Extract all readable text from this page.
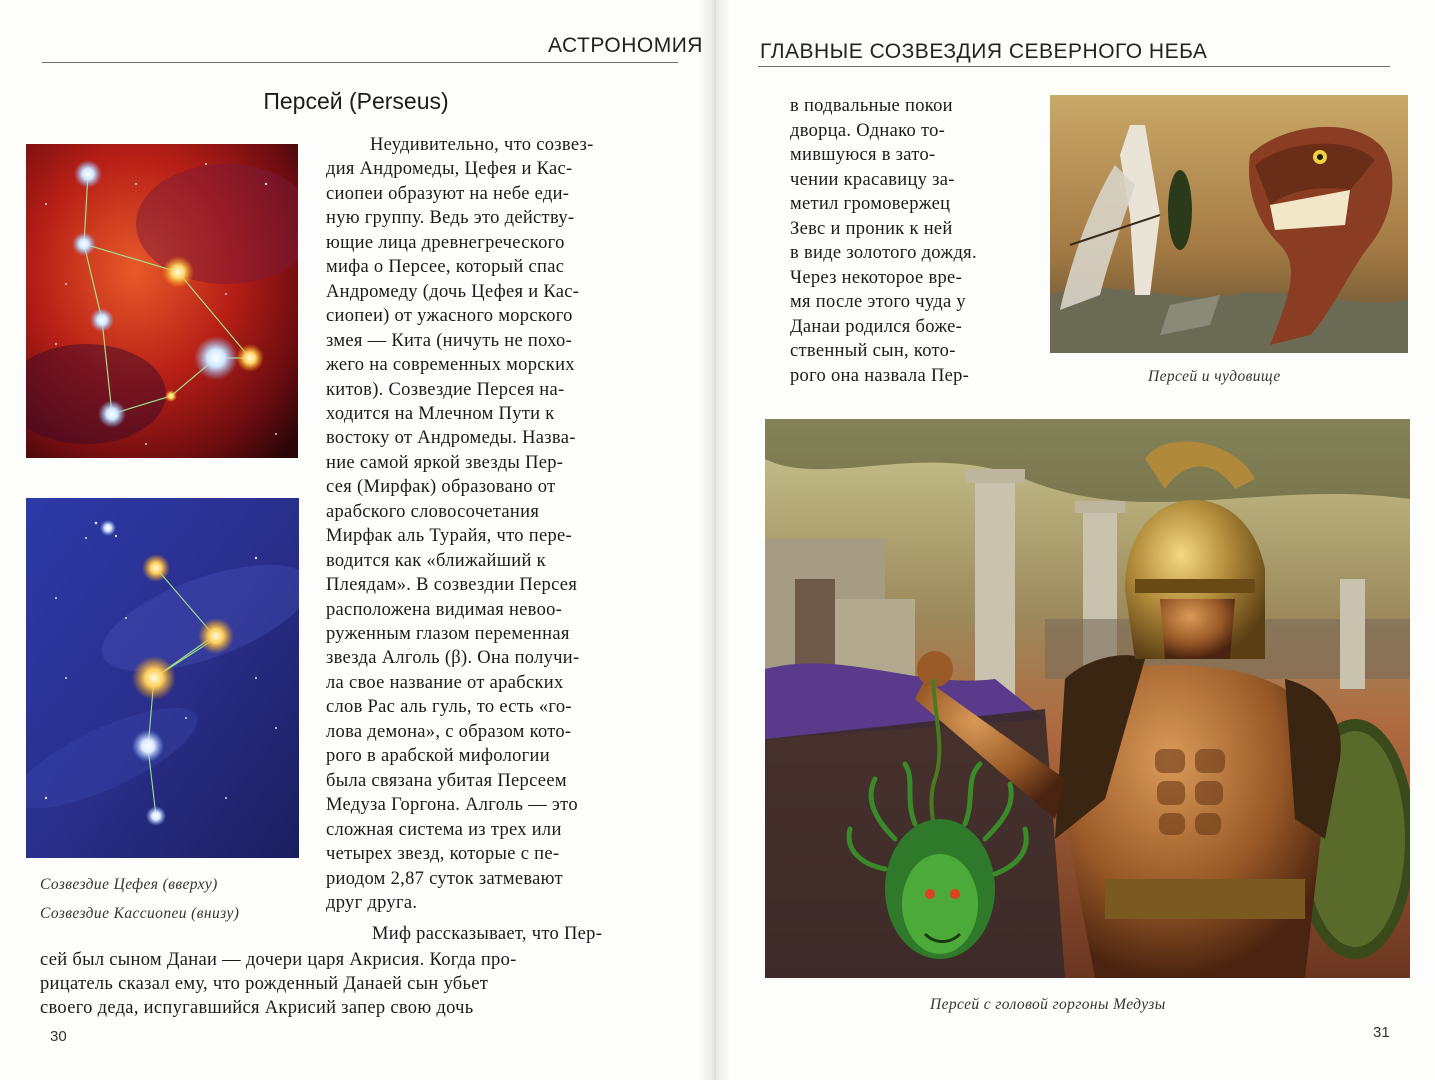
АСТРОНОМИЯ	ГЛАВНЫЕ СОЗВЕЗДИЯ СЕВЕРНОГО НЕБА
Персей (Perseus)
Созвездие Цефея (вверху)
Созвездие Кассиопеи (внизу)
Неудивительно, что созвез-
дия Андромеды, Цефея и Кас-
сиопеи образуют на небе еди-
ную группу. Ведь это действу-
ющие лица древнегреческого
мифа о Персее, который спас
Андромеду (дочь Цефея и Кас-
сиопеи) от ужасного морского
змея — Кита (ничуть не похо-
жего на современных морских
китов). Созвездие Персея на-
ходится на Млечном Пути к
востоку от Андромеды. Назва-
ние самой яркой звезды Пер-
сея (Мирфак) образовано от
арабского словосочетания
Мирфак аль Турайя, что пере-
водится как «ближайший к
Плеядам». В созвездии Персея
расположена видимая невоо-
руженным глазом переменная
звезда Алголь (β). Она получи-
ла свое название от арабских
слов Рас аль гуль, то есть «го-
лова демона», с образом кото-
рого в арабской мифологии
была связана убитая Персеем
Медуза Горгона. Алголь — это
сложная система из трех или
четырех звезд, которые с пе-
риодом 2,87 суток затмевают
друг друга.
Миф рассказывает, что Пер-
сей был сыном Данаи — дочери царя Акрисия. Когда про-
рицатель сказал ему, что рожденный Данаей сын убьет
своего деда, испугавшийся Акрисий запер свою дочь
30
Персей и чудовище
в подвальные покои
дворца. Однако то-
мившуюся в зато-
чении красавицу за-
метил громовержец
Зевс и проник к ней
в виде золотого дождя.
Через некоторое вре-
мя после этого чуда у
Данаи родился боже-
ственный сын, кото-
рого она назвала Пер-
Персей с головой горгоны Медузы
31
